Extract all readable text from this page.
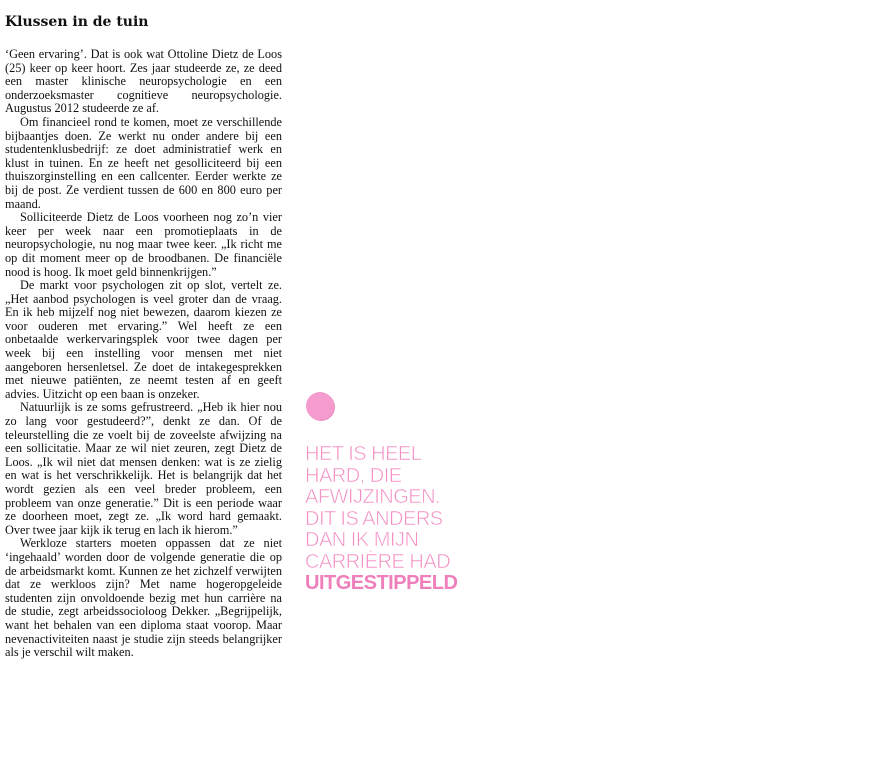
Klussen in de tuin

‘Geen ervaring’. Dat is ook wat Ottoline Dietz de Loos (25) keer op keer hoort. Zes jaar studeerde ze, ze deed een master klinische neuropsychologie en een onderzoeksmaster cognitieve neuropsychologie. Augustus 2012 studeerde ze af.

Om financieel rond te komen, moet ze verschillende bijbaantjes doen. Ze werkt nu onder andere bij een studentenklusbedrijf: ze doet administratief werk en klust in tuinen. En ze heeft net gesolliciteerd bij een thuiszorginstelling en een callcenter. Eerder werkte ze bij de post. Ze verdient tussen de 600 en 800 euro per maand.

Solliciteerde Dietz de Loos voorheen nog zo’n vier keer per week naar een promotieplaats in de neuropsychologie, nu nog maar twee keer. „Ik richt me op dit moment meer op de broodbanen. De financiële nood is hoog. Ik moet geld binnenkrijgen.”

De markt voor psychologen zit op slot, vertelt ze. „Het aanbod psychologen is veel groter dan de vraag. En ik heb mijzelf nog niet bewezen, daarom kiezen ze voor ouderen met ervaring.” Wel heeft ze een onbetaalde werkervaringsplek voor twee dagen per week bij een instelling voor mensen met niet aangeboren hersenletsel. Ze doet de intakegesprekken met nieuwe patiënten, ze neemt testen af en geeft advies. Uitzicht op een baan is onzeker.

Natuurlijk is ze soms gefrustreerd. „Heb ik hier nou zo lang voor gestudeerd?”, denkt ze dan. Of de teleurstelling die ze voelt bij de zoveelste afwijzing na een sollicitatie. Maar ze wil niet zeuren, zegt Dietz de Loos. „Ik wil niet dat mensen denken: wat is ze zielig en wat is het verschrikkelijk. Het is belangrijk dat het wordt gezien als een veel breder probleem, een probleem van onze generatie.” Dit is een periode waar ze doorheen moet, zegt ze. „Ik word hard gemaakt. Over twee jaar kijk ik terug en lach ik hierom.”

Werkloze starters moeten oppassen dat ze niet ‘ingehaald’ worden door de volgende generatie die op de arbeidsmarkt komt. Kunnen ze het zichzelf verwijten dat ze werkloos zijn? Met name hogeropgeleide studenten zijn onvoldoende bezig met hun carrière na de studie, zegt arbeidssocioloog Dekker. „Begrijpelijk, want het behalen van een diploma staat voorop. Maar nevenactiviteiten naast je studie zijn steeds belangrijker als je verschil wilt maken.

HET IS HEEL
HARD, DIE
AFWIJZINGEN.
DIT IS ANDERS
DAN IK MIJN
CARRIÈRE HAD
UITGESTIPPELD
